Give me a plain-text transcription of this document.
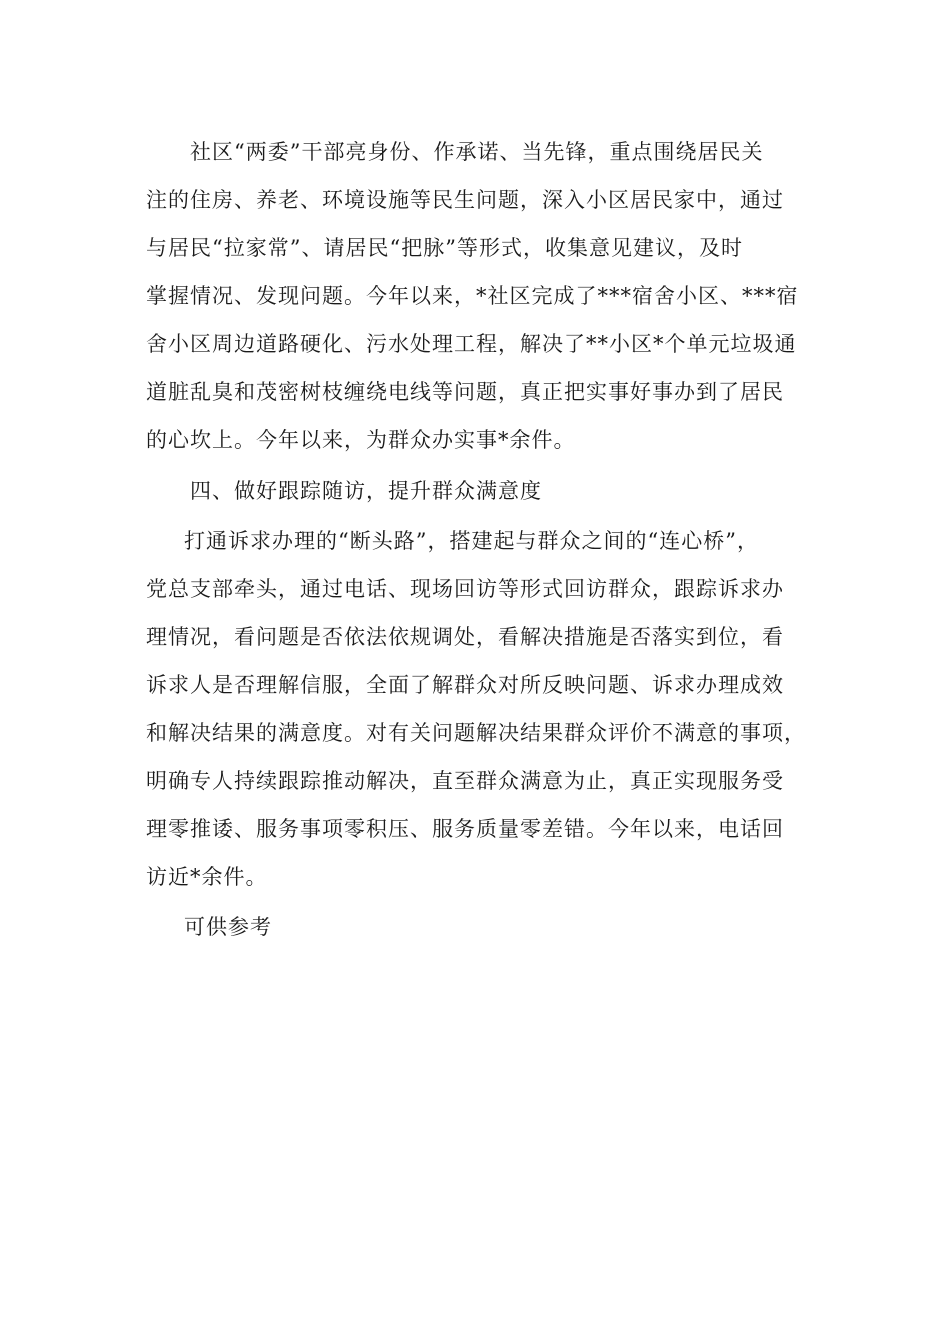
社区“两委”干部亮身份、作承诺、当先锋，重点围绕居民关
注的住房、养老、环境设施等民生问题，深入小区居民家中，通过
与居民“拉家常”、请居民“把脉”等形式，收集意见建议，及时
掌握情况、发现问题。今年以来，*社区完成了***宿舍小区、***宿
舍小区周边道路硬化、污水处理工程，解决了**小区*个单元垃圾通
道脏乱臭和茂密树枝缠绕电线等问题，真正把实事好事办到了居民
的心坎上。今年以来，为群众办实事*余件。
四、做好跟踪随访，提升群众满意度
打通诉求办理的“断头路”，搭建起与群众之间的“连心桥”，
党总支部牵头，通过电话、现场回访等形式回访群众，跟踪诉求办
理情况，看问题是否依法依规调处，看解决措施是否落实到位，看
诉求人是否理解信服，全面了解群众对所反映问题、诉求办理成效
和解决结果的满意度。对有关问题解决结果群众评价不满意的事项，
明确专人持续跟踪推动解决，直至群众满意为止，真正实现服务受
理零推诿、服务事项零积压、服务质量零差错。今年以来，电话回
访近*余件。
可供参考
